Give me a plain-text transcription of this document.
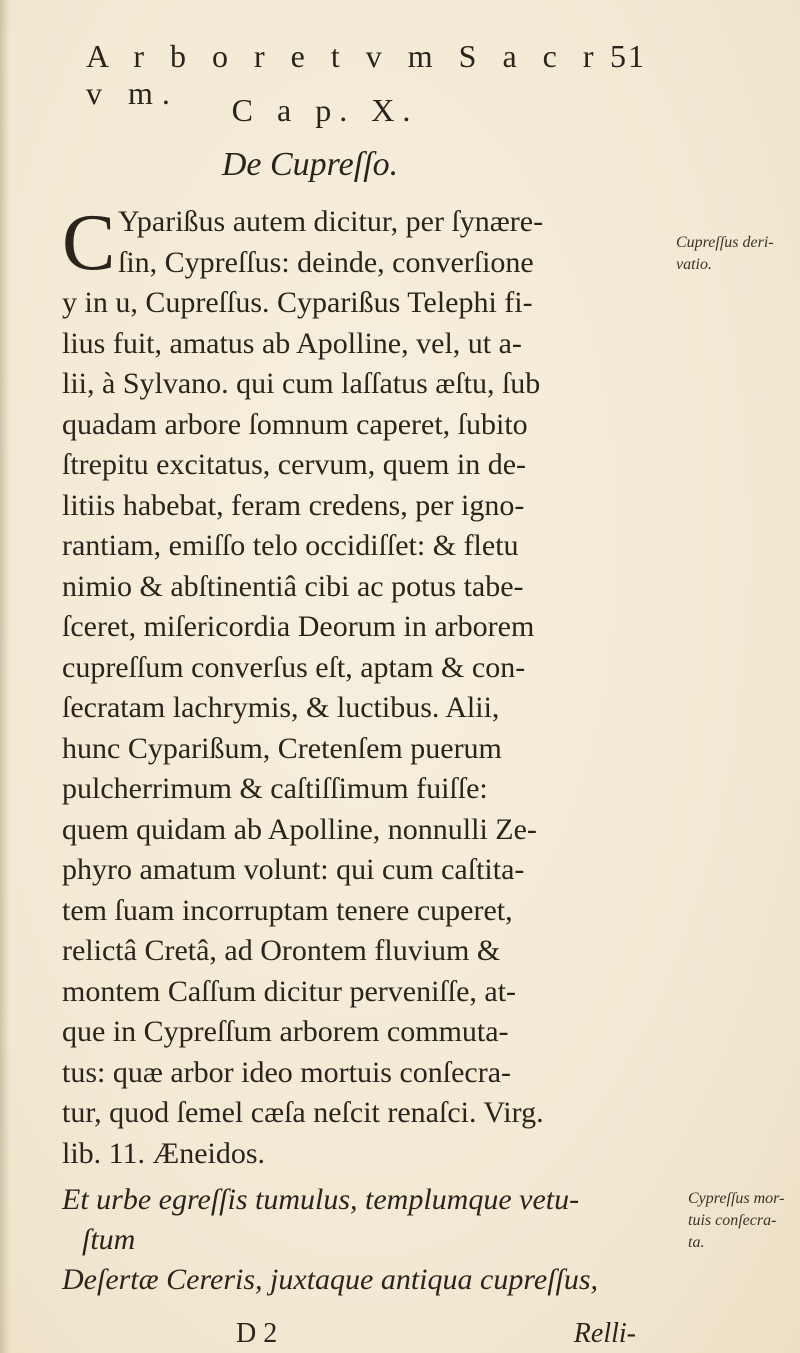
A r b o r e t v m S a c r v m.
51
C a p. X.
De Cupreſſo.
C Yparißus autem dicitur, per ſynære-
ſin, Cypreſſus: deinde, converſione
y in u, Cupreſſus. Cyparißus Telephi fi-
lius fuit, amatus ab Apolline, vel, ut a-
lii, à Sylvano. qui cum laſſatus æſtu, ſub
quadam arbore ſomnum caperet, ſubito
ſtrepitu excitatus, cervum, quem in de-
litiis habebat, feram credens, per igno-
rantiam, emiſſo telo occidiſſet: & fletu
nimio & abſtinentiâ cibi ac potus tabe-
ſceret, miſericordia Deorum in arborem
cupreſſum converſus eſt, aptam & con-
ſecratam lachrymis, & luctibus. Alii,
hunc Cyparißum, Cretenſem puerum
pulcherrimum & caſtiſſimum fuiſſe:
quem quidam ab Apolline, nonnulli Ze-
phyro amatum volunt: qui cum caſtita-
tem ſuam incorruptam tenere cuperet,
relictâ Cretâ, ad Orontem fluvium &
montem Caſſum dicitur perveniſſe, at-
que in Cypreſſum arborem commuta-
tus: quæ arbor ideo mortuis conſecra-
tur, quod ſemel cæſa neſcit renaſci. Virg.
lib. 11. Æneidos.
Et urbe egreſſis tumulus, templumque vetu-
ſtum
Deſertæ Cereris, juxtaque antiqua cupreſſus,
D 2	Relli-
Cupreſſus deri-
vatio.
Cypreſſus mor-
tuis conſecra-
ta.
